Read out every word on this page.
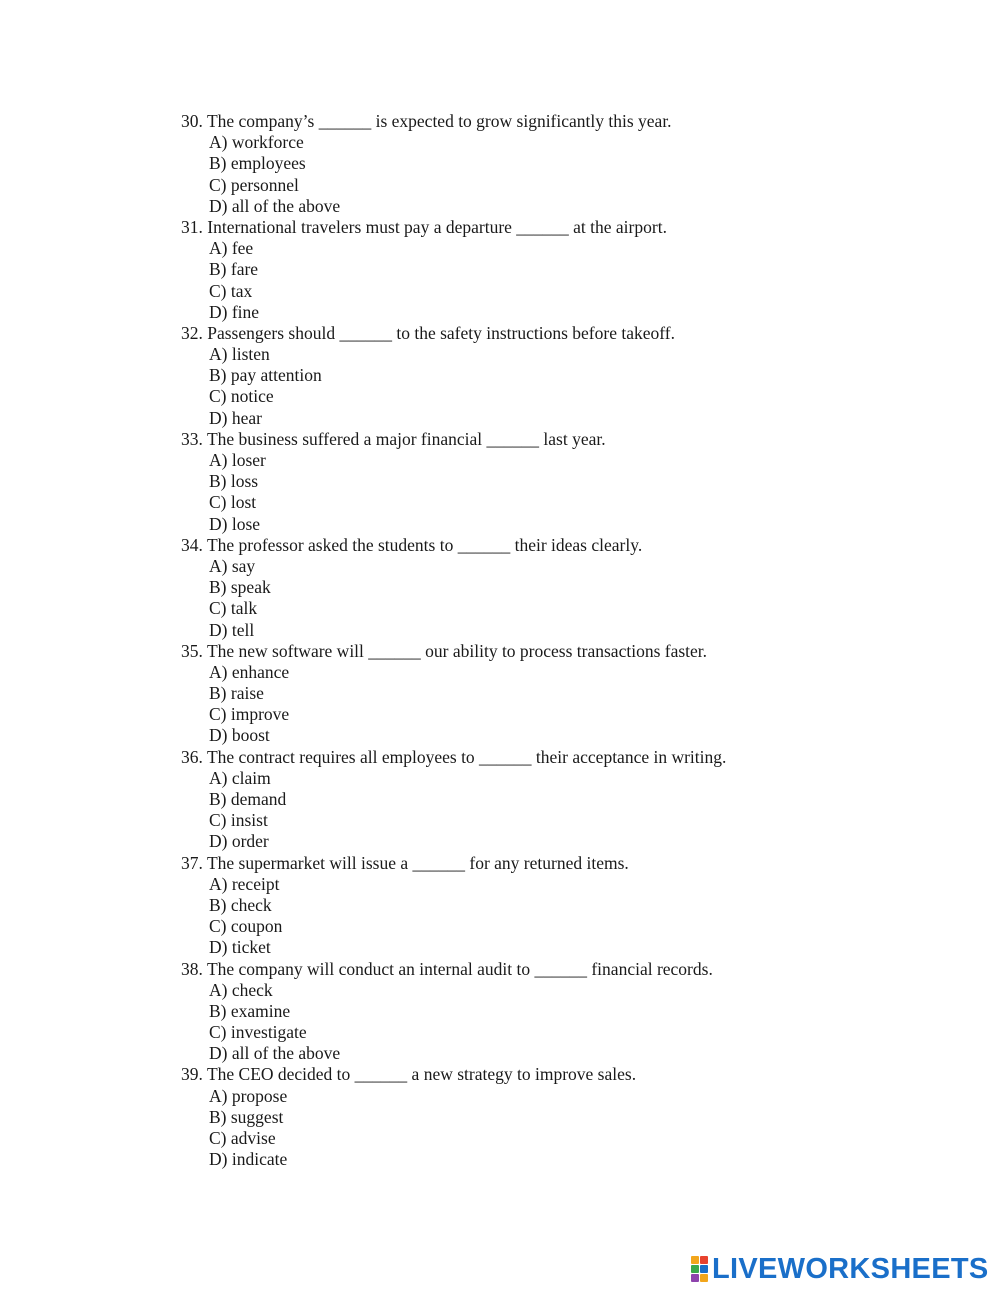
30. The company’s ______ is expected to grow significantly this year.
A) workforce
B) employees
C) personnel
D) all of the above
31. International travelers must pay a departure ______ at the airport.
A) fee
B) fare
C) tax
D) fine
32. Passengers should ______ to the safety instructions before takeoff.
A) listen
B) pay attention
C) notice
D) hear
33. The business suffered a major financial ______ last year.
A) loser
B) loss
C) lost
D) lose
34. The professor asked the students to ______ their ideas clearly.
A) say
B) speak
C) talk
D) tell
35. The new software will ______ our ability to process transactions faster.
A) enhance
B) raise
C) improve
D) boost
36. The contract requires all employees to ______ their acceptance in writing.
A) claim
B) demand
C) insist
D) order
37. The supermarket will issue a ______ for any returned items.
A) receipt
B) check
C) coupon
D) ticket
38. The company will conduct an internal audit to ______ financial records.
A) check
B) examine
C) investigate
D) all of the above
39. The CEO decided to ______ a new strategy to improve sales.
A) propose
B) suggest
C) advise
D) indicate
LIVEWORKSHEETS
